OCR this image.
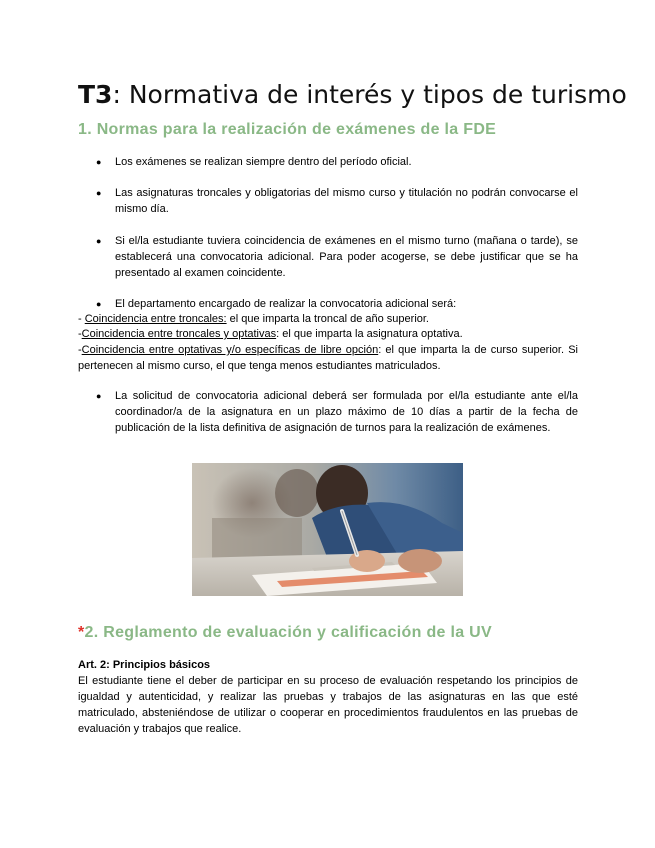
T3: Normativa de interés y tipos de turismo
1. Normas para la realización de exámenes de la FDE
●	Los exámenes se realizan siempre dentro del período oficial.
●	Las asignaturas troncales y obligatorias del mismo curso y titulación no podrán convocarse el mismo día.
●	Si el/la estudiante tuviera coincidencia de exámenes en el mismo turno (mañana o tarde), se establecerá una convocatoria adicional. Para poder acogerse, se debe justificar que se ha presentado al examen coincidente.
●	El departamento encargado de realizar la convocatoria adicional será:
- Coincidencia entre troncales: el que imparta la troncal de año superior.
-Coincidencia entre troncales y optativas: el que imparta la asignatura optativa.
-Coincidencia entre optativas y/o específicas de libre opción: el que imparta la de curso superior. Si pertenecen al mismo curso, el que tenga menos estudiantes matriculados.
●	La solicitud de convocatoria adicional deberá ser formulada por el/la estudiante ante el/la coordinador/a de la asignatura en un plazo máximo de 10 días a partir de la fecha de publicación de la lista definitiva de asignación de turnos para la realización de exámenes.
*2. Reglamento de evaluación y calificación de la UV
Art. 2: Principios básicos
El estudiante tiene el deber de participar en su proceso de evaluación respetando los principios de igualdad y autenticidad, y realizar las pruebas y trabajos de las asignaturas en las que esté matriculado, absteniéndose de utilizar o cooperar en procedimientos fraudulentos en las pruebas de evaluación y trabajos que realice.
